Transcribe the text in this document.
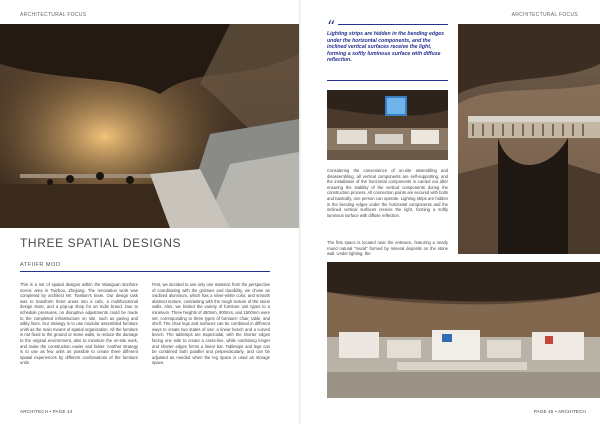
ARCHITECTURAL FOCUS	ARCHITECTURAL FOCUS
THREE SPATIAL DESIGNS
ATFIIFR MOO
This is a set of spatial designs within the Mianguan Bonfoire scenic area in Taizhou, Zhejiang. The renovation work was completed by architect Mr. Tiantian's team. Our design task was to transform three areas into a cafe, a multifunctional design store, and a pop-up shop for an Indie brand. Due to schedule pressures, no disruptive adjustments could be made to the completed infrastructure on site, such as paving and utility lines. Our strategy is to use modular assembled furniture units as the main means of spatial organization. All the furniture is not fixed to the ground or stone walls, to reduce the damage to the original environment, also to minimize the on-site work, and make the construction easier and faster. Another strategy is to use as few units as possible to create three different spatial experiences by different combinations of the furniture units.
First, we decided to use only one material, from the perspective of coordinating with the grottoes and durability, we chose an oxidized aluminum, which has a silver-white color, and smooth abstract texture, contrasting with the rough texture of the stone walls. Also, we limited the variety of furniture unit types to a minimum. Three heights of 450mm, 900mm, and 1500mm were set, corresponding to three types of furniture: chair, table, and shelf. The chair legs and surfaces can be combined in different ways to create two states of use: a linear bench and a curved bench. The tabletops are trapezoidal, with the shorter edges facing one side to create a cross-line, while combining longer and shorter edges forms a linear bar. Tabletops and legs can be combined both parallel and perpendicularly, and can be adjusted as needed when the leg space is used as storage space.
“
Lighting strips are hidden in the bending edges under the horizontal components, and the inclined vertical surfaces receive the light, forming a softly luminous surface with diffuse reflection.
Considering the convenience of on-site assembling and disassembling, all vertical components are self-supporting, and the installation of the horizontal components is carried out after ensuring the stability of the vertical components during the construction process. All connection points are secured with bolts and basically, one person can operate. Lighting strips are hidden in the bending edges under the horizontal components and the inclined vertical surfaces receive the light, forming a softly luminous surface with diffuse reflection.
The first space is located near the entrance, featuring a nearly round natural "mural" formed by mineral deposits on the stone wall. Under lighting, the
ARCHITECH • PAGE 44	PAGE 45 • ARCHITECH
